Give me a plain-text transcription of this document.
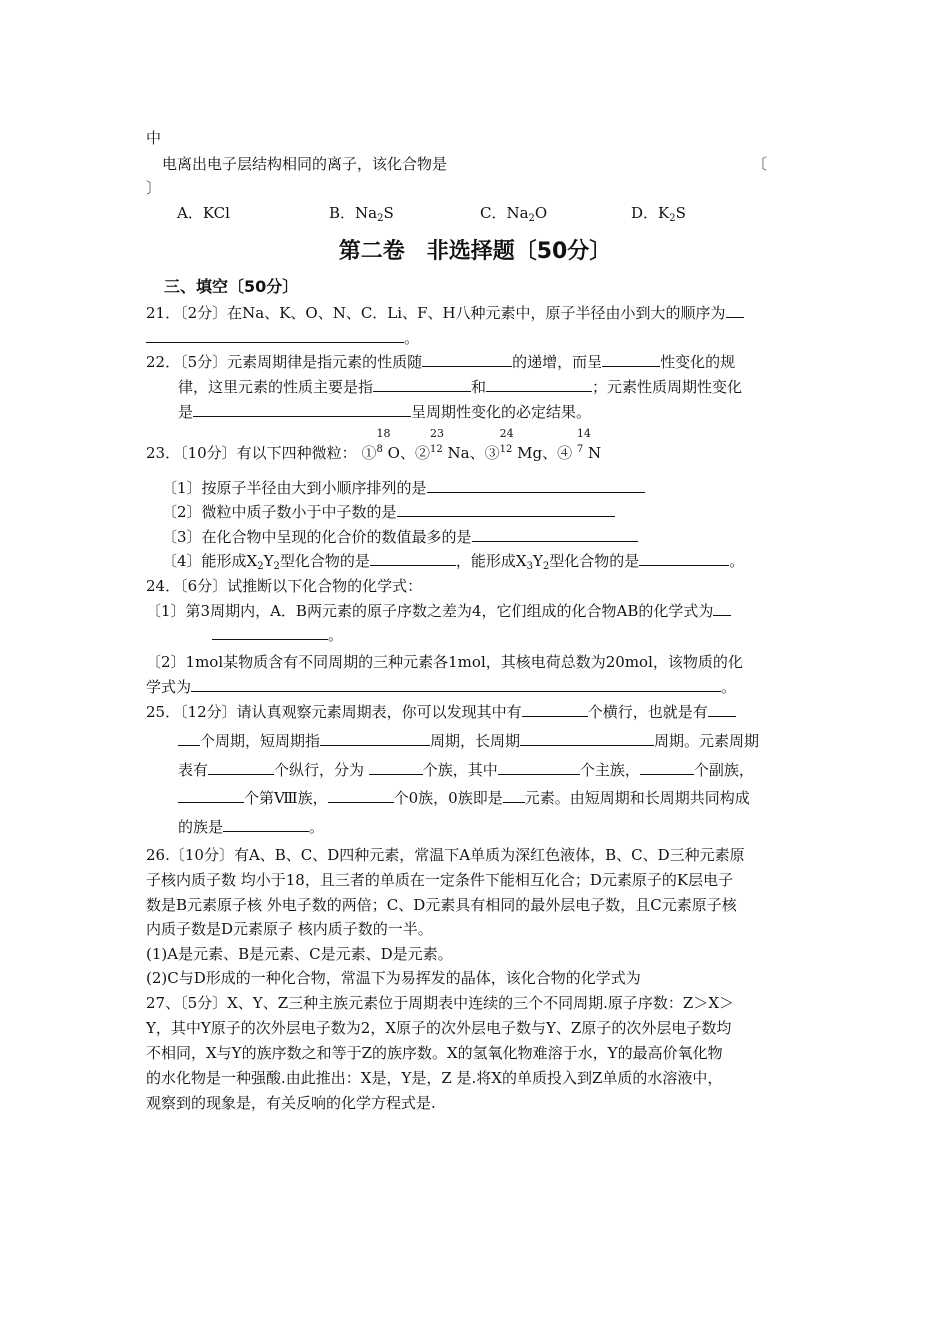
中
电离出电子层结构相同的离子，该化合物是	〔
〕
A．KCl	B．$Na_2S$	C．$Na_2O$	D．$K_2S$
第二卷　非选择题〔50分〕
三、填空〔50分〕
21．〔2分〕在Na、K、O、N、C．Li、F、H八种元素中，原子半径由小到大的顺序为
。
22．〔5分〕元素周期律是指元素的性质随	的递增，而呈	性变化的规
律，这里元素的性质主要是指	和	；元素性质周期性变化
是	呈周期性变化的必定结果。
23．〔10分〕有以下四种微粒： ①
18
$^8$ O、②
23
$^{12}$ Na、③
24
$^{12}$ Mg、④
14
$^7$ N
〔1〕按原子半径由大到小顺序排列的是
〔2〕微粒中质子数小于中子数的是
〔3〕在化合物中呈现的化合价的数值最多的是
〔4〕能形成$X_2Y_2$型化合物的是	，能形成$X_3Y_2$型化合物的是	。
24．〔6分〕试推断以下化合物的化学式：
〔1〕第3周期内，A．B两元素的原子序数之差为4，它们组成的化合物AB的化学式为
。
〔2〕1mol某物质含有不同周期的三种元素各1mol，其核电荷总数为20mol，该物质的化
学式为	。
25．〔12分〕请认真观察元素周期表，你可以发现其中有	个横行，也就是有
个周期，短周期指	周期，长周期	周期。元素周期
表有	个纵行，分为	个族，其中	个主族，	个副族，
个第Ⅷ族，	个0族，0族即是 元素。由短周期和长周期共同构成
的族是	。
26.〔10分〕有A、B、C、D四种元素，常温下A单质为深红色液体，B、C、D三种元素原
子核内质子数 均小于18，且三者的单质在一定条件下能相互化合；D元素原子的K层电子
数是B元素原子核 外电子数的两倍；C、D元素具有相同的最外层电子数，且C元素原子核
内质子数是D元素原子 核内质子数的一半。
(1)A是元素、B是元素、C是元素、D是元素。
(2)C与D形成的一种化合物，常温下为易挥发的晶体，该化合物的化学式为
27、〔5分〕X、Y、Z三种主族元素位于周期表中连续的三个不同周期.原子序数：Z＞X＞
Y，其中Y原子的次外层电子数为2，X原子的次外层电子数与Y、Z原子的次外层电子数均
不相同，X与Y的族序数之和等于Z的族序数。X的氢氧化物难溶于水，Y的最高价氧化物
的水化物是一种强酸.由此推出：X是，Y是，Z 是.将X的单质投入到Z单质的水溶液中，
观察到的现象是，有关反响的化学方程式是.
